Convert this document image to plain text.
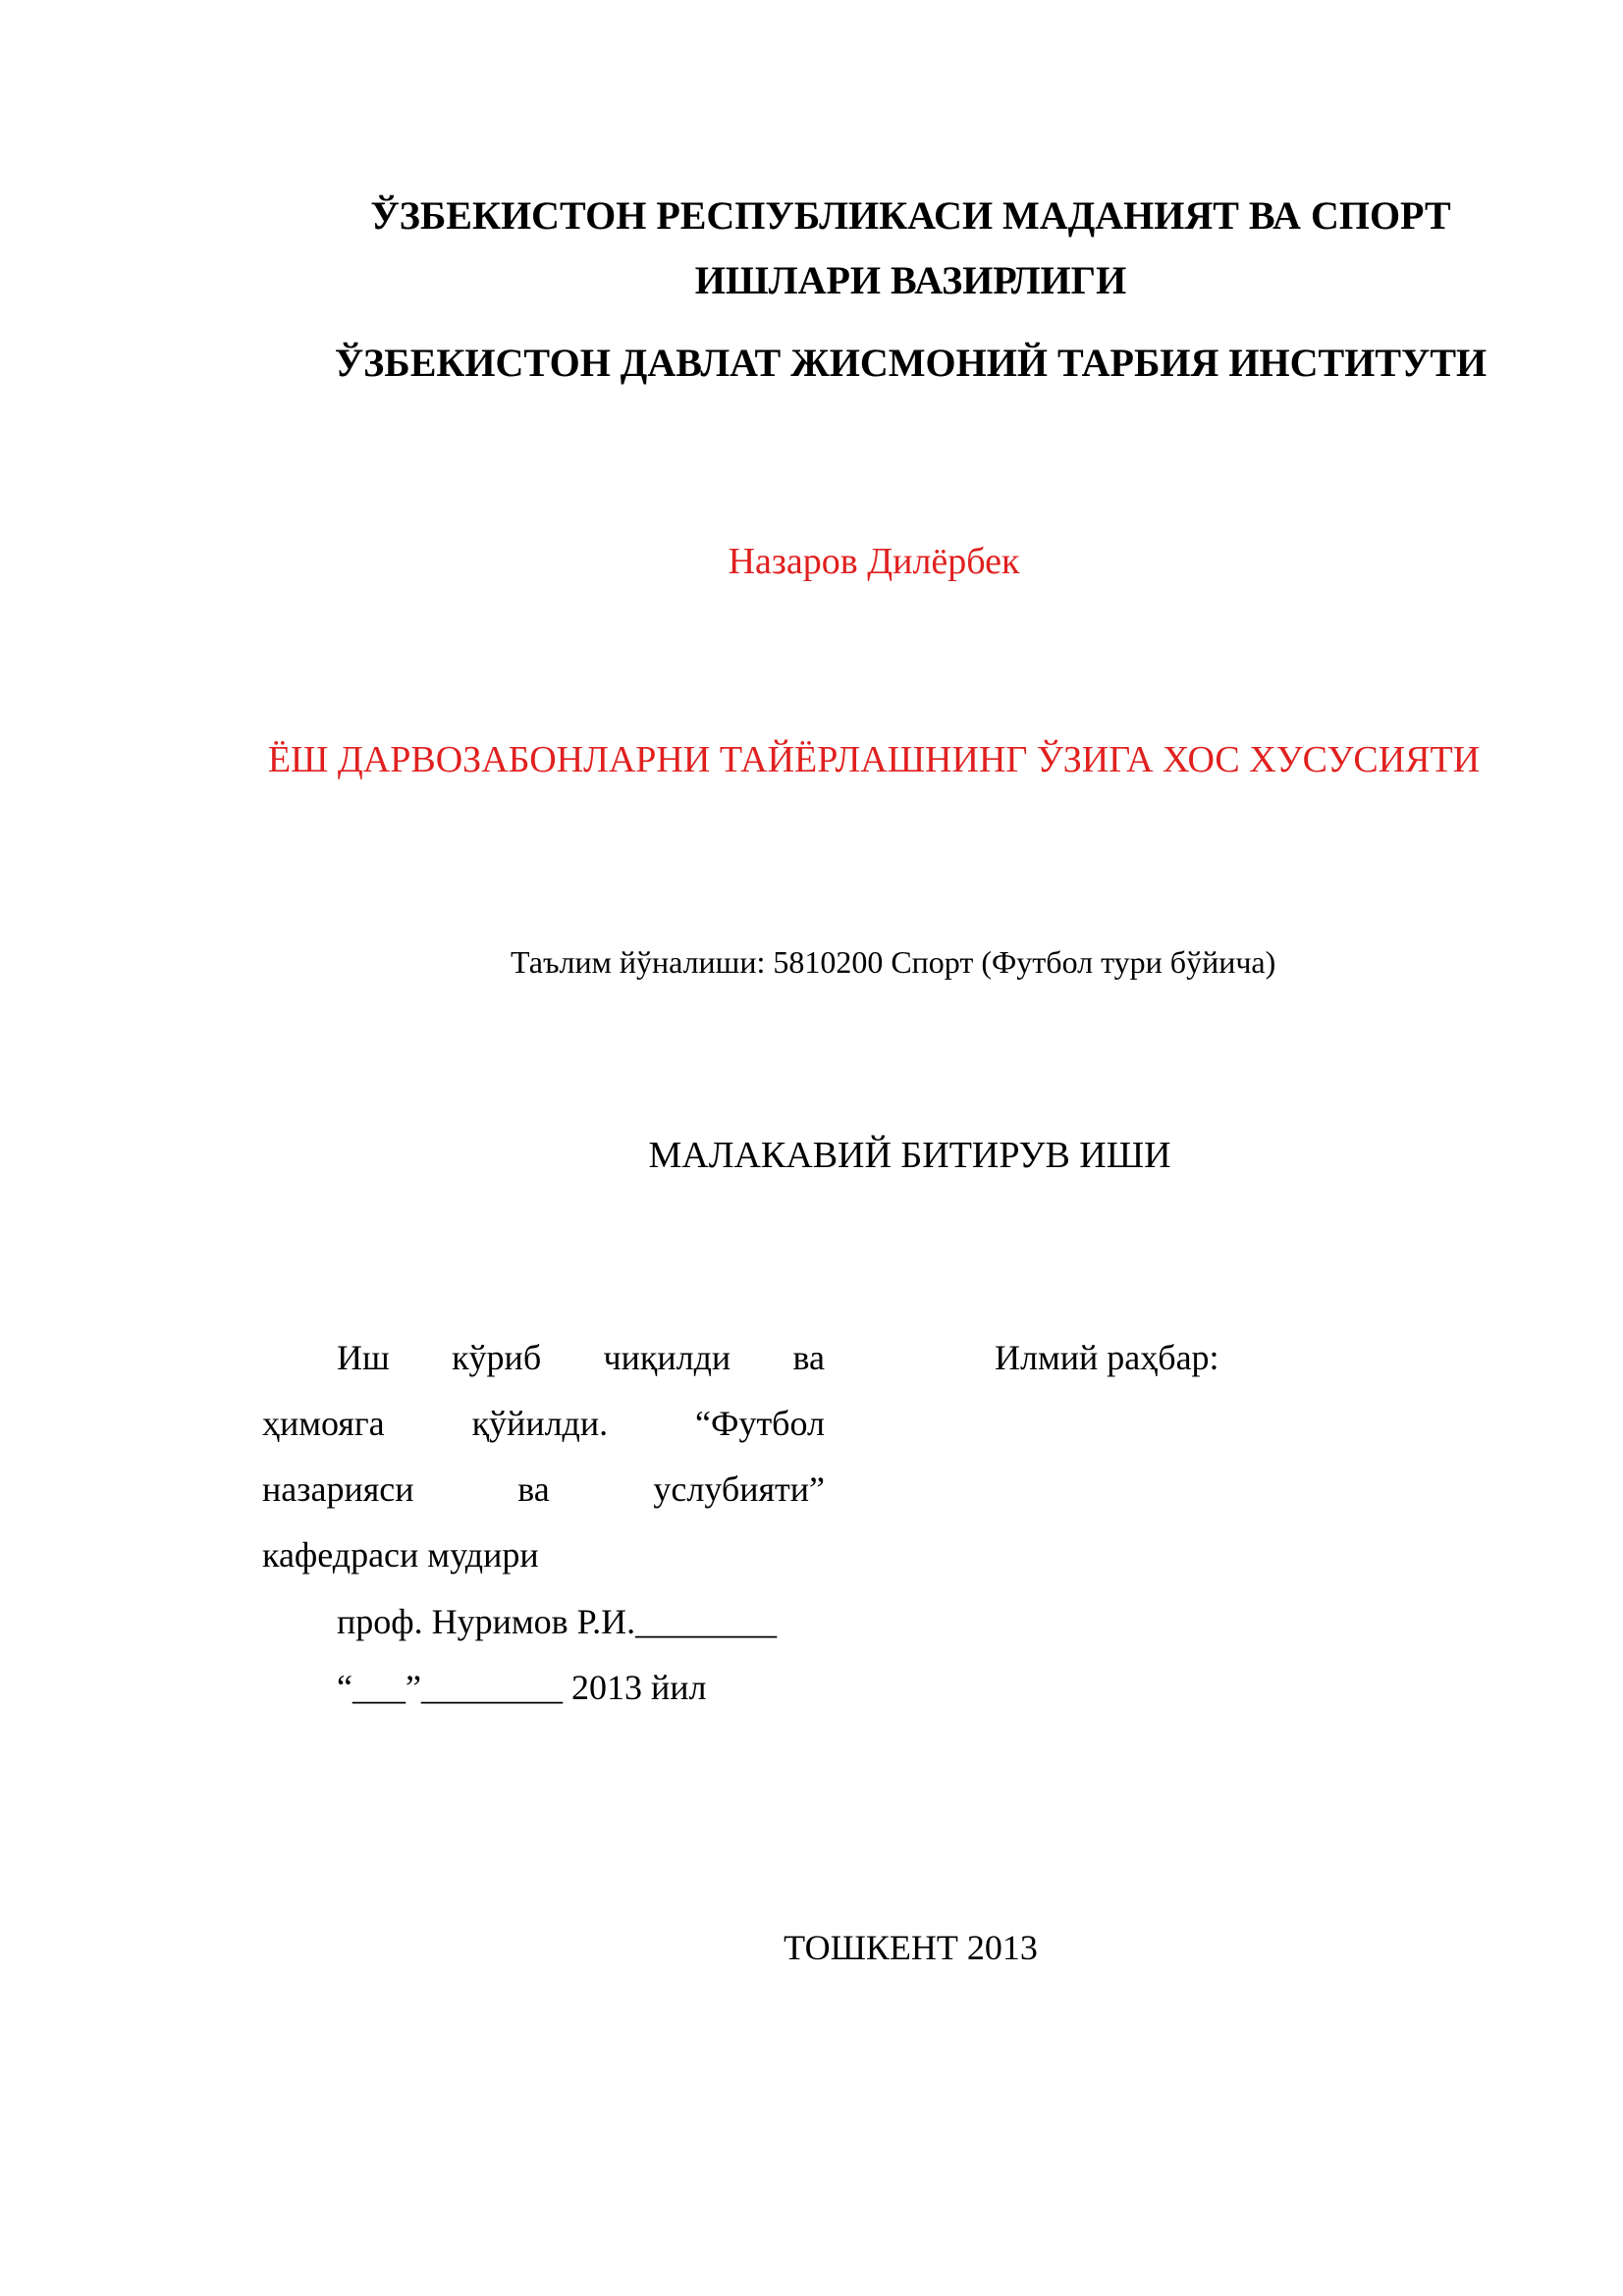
ЎЗБЕКИСТОН РЕСПУБЛИКАСИ МАДАНИЯТ ВА СПОРТ
ИШЛАРИ ВАЗИРЛИГИ
ЎЗБЕКИСТОН ДАВЛАТ ЖИСМОНИЙ ТАРБИЯ ИНСТИТУТИ
Назаров Дилёрбек
ЁШ ДАРВОЗАБОНЛАРНИ ТАЙЁРЛАШНИНГ ЎЗИГА ХОС ХУСУСИЯТИ
Таълим йўналиши: 5810200 Спорт (Футбол тури бўйича)
МАЛАКАВИЙ БИТИРУВ ИШИ
Иш кўриб чиқилди ва
ҳимояга қўйилди. “Футбол
назарияси ва услубияти”
кафедраси мудири
проф. Нуримов Р.И.________
“___”________ 2013 йил
Илмий раҳбар:
ТОШКЕНТ 2013
